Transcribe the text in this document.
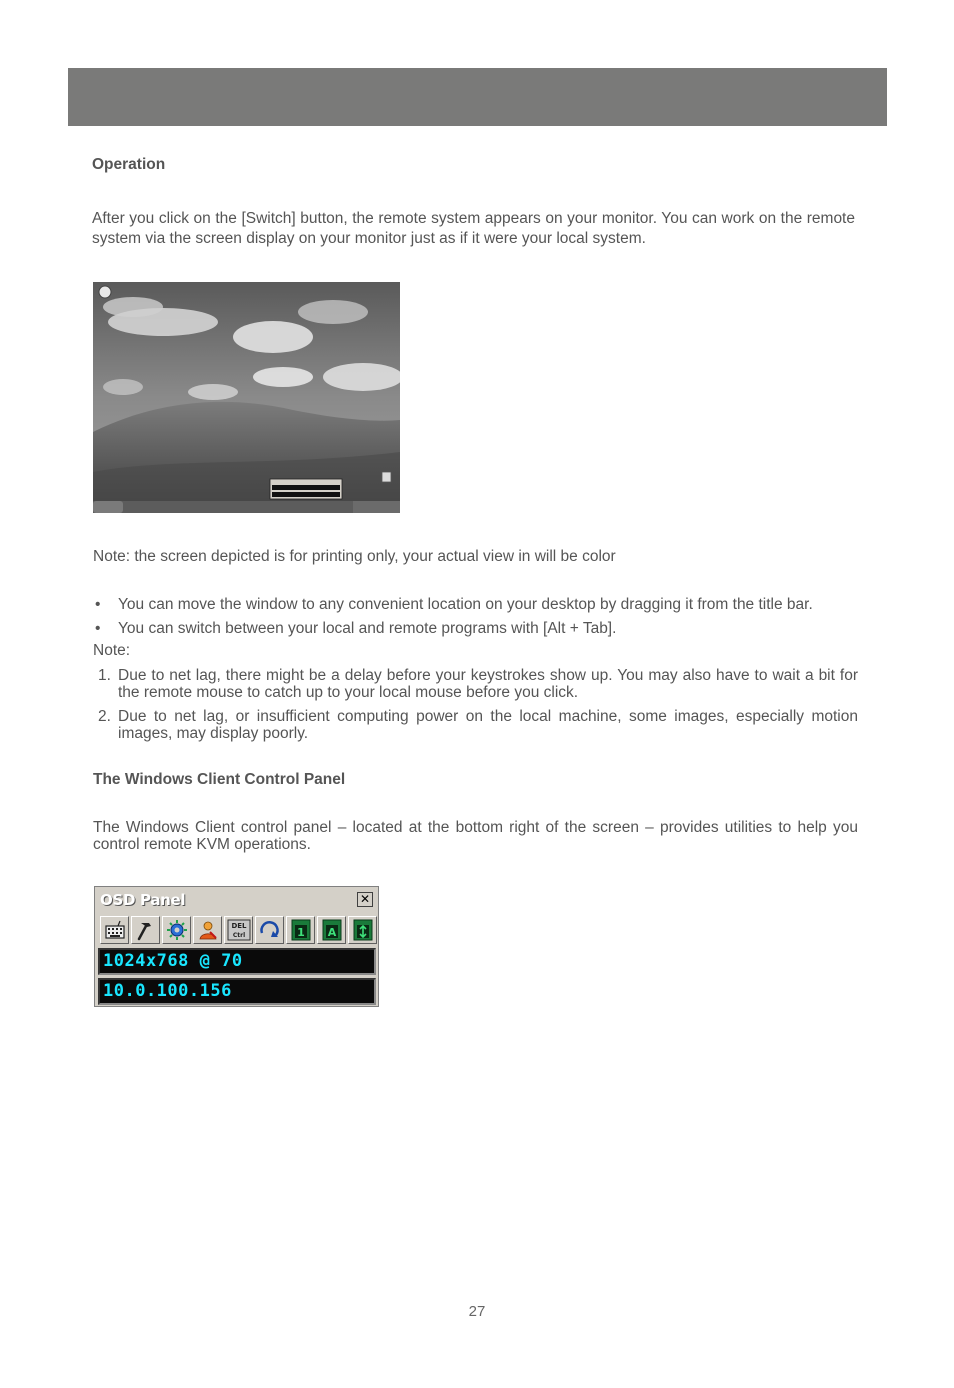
Operation

After you click on the [Switch] button, the remote system appears on your monitor. You can work on the remote system via the screen display on your monitor just as if it were your local system.

Note: the screen depicted is for printing only, your actual view in will be color

• You can move the window to any convenient location on your desktop by dragging it from the title bar.
• You can switch between your local and remote programs with [Alt + Tab].

Note:

1. Due to net lag, there might be a delay before your keystrokes show up. You may also have to wait a bit for the remote mouse to catch up to your local mouse before you click.
2. Due to net lag, or insufficient computing power on the local machine, some images, especially motion images, may display poorly.
The Windows Client Control Panel

The Windows Client control panel – located at the bottom right of the screen – provides utilities to help you control remote KVM operations.

OSD Panel	✕
DEL
Ctrl	1 A
1024x768 @ 70
10.0.100.156
27
